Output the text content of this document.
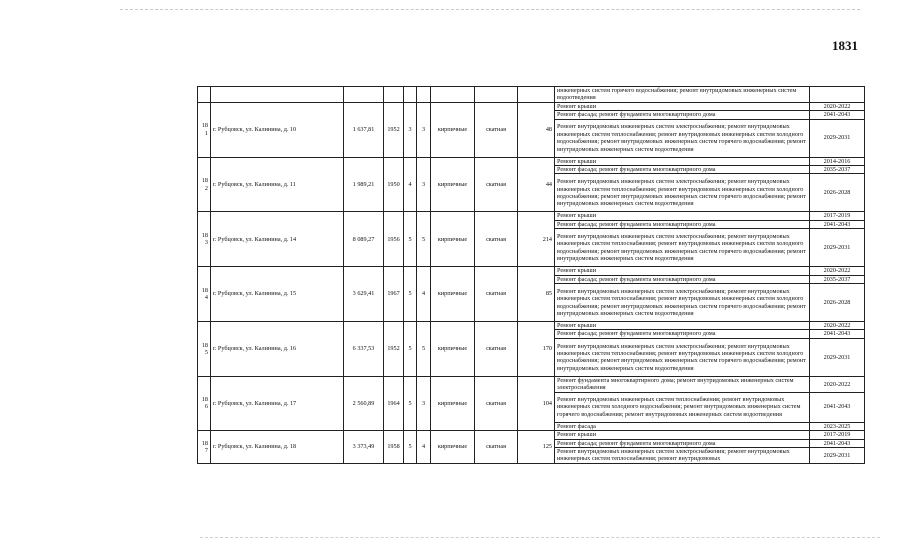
1831
									инженерных систем горячего водоснабжения; ремонт внутридомовых инженерных систем водоотведения	
181	г. Рубцовск, ул. Калинина, д. 10	1 637,81	1952	3	3	кирпичные	скатная	48	Ремонт крыши	2020-2022
									Ремонт фасада; ремонт фундамента многоквартирного дома	2041-2043
									Ремонт внутридомовых инженерных систем электроснабжения; ремонт внутридомовых инженерных систем теплоснабжения; ремонт внутридомовых инженерных систем холодного водоснабжения; ремонт внутридомовых инженерных систем горячего водоснабжения; ремонт внутридомовых инженерных систем водоотведения	2029-2031
182	г. Рубцовск, ул. Калинина, д. 11	1 989,21	1950	4	3	кирпичные	скатная	44	Ремонт крыши	2014-2016
									Ремонт фасада; ремонт фундамента многоквартирного дома	2035-2037
									Ремонт внутридомовых инженерных систем электроснабжения; ремонт внутридомовых инженерных систем теплоснабжения; ремонт внутридомовых инженерных систем холодного водоснабжения; ремонт внутридомовых инженерных систем горячего водоснабжения; ремонт внутридомовых инженерных систем водоотведения	2026-2028
183	г. Рубцовск, ул. Калинина, д. 14	8 089,27	1956	5	5	кирпичные	скатная	214	Ремонт крыши	2017-2019
									Ремонт фасада; ремонт фундамента многоквартирного дома	2041-2043
									Ремонт внутридомовых инженерных систем электроснабжения; ремонт внутридомовых инженерных систем теплоснабжения; ремонт внутридомовых инженерных систем холодного водоснабжения; ремонт внутридомовых инженерных систем горячего водоснабжения; ремонт внутридомовых инженерных систем водоотведения	2029-2031
184	г. Рубцовск, ул. Калинина, д. 15	3 629,41	1967	5	4	кирпичные	скатная	85	Ремонт крыши	2020-2022
									Ремонт фасада; ремонт фундамента многоквартирного дома	2035-2037
									Ремонт внутридомовых инженерных систем электроснабжения; ремонт внутридомовых инженерных систем теплоснабжения; ремонт внутридомовых инженерных систем холодного водоснабжения; ремонт внутридомовых инженерных систем горячего водоснабжения; ремонт внутридомовых инженерных систем водоотведения	2026-2028
185	г. Рубцовск, ул. Калинина, д. 16	6 337,53	1952	5	5	кирпичные	скатная	170	Ремонт крыши	2020-2022
									Ремонт фасада; ремонт фундамента многоквартирного дома	2041-2043
									Ремонт внутридомовых инженерных систем электроснабжения; ремонт внутридомовых инженерных систем теплоснабжения; ремонт внутридомовых инженерных систем холодного водоснабжения; ремонт внутридомовых инженерных систем горячего водоснабжения; ремонт внутридомовых инженерных систем водоотведения	2029-2031
186	г. Рубцовск, ул. Калинина, д. 17	2 560,89	1964	5	3	кирпичные	скатная	104	Ремонт фундамента многоквартирного дома; ремонт внутридомовых инженерных систем электроснабжения	2020-2022
									Ремонт внутридомовых инженерных систем теплоснабжения; ремонт внутридомовых инженерных систем холодного водоснабжения; ремонт внутридомовых инженерных систем горячего водоснабжения; ремонт внутридомовых инженерных систем водоотведения	2041-2043
									Ремонт фасада	2023-2025
187	г. Рубцовск, ул. Калинина, д. 18	3 373,49	1958	5	4	кирпичные	скатная	125	Ремонт крыши	2017-2019
									Ремонт фасада; ремонт фундамента многоквартирного дома	2041-2043
									Ремонт внутридомовых инженерных систем электроснабжения; ремонт внутридомовых инженерных систем теплоснабжения; ремонт внутридомовых	2029-2031
